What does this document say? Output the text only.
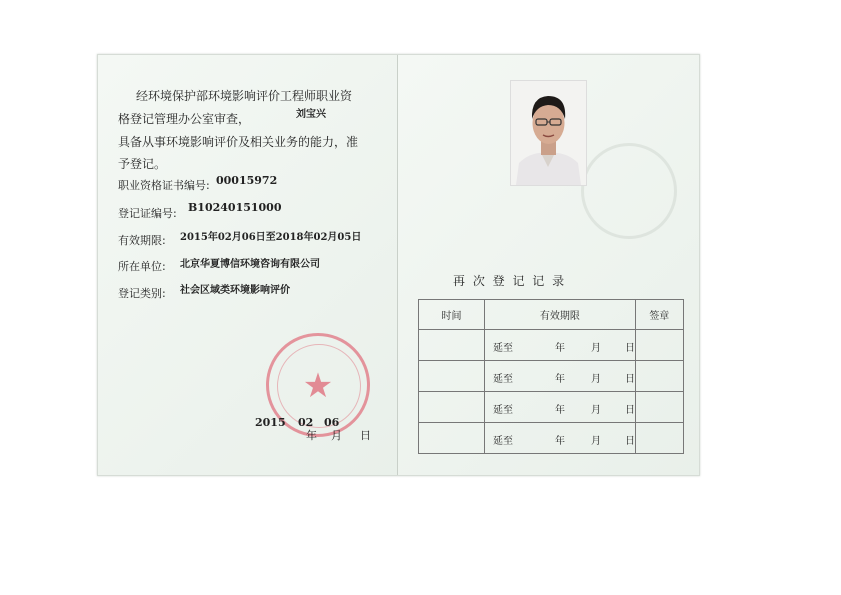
经环境保护部环境影响评价工程师职业资
格登记管理办公室审查，	刘宝兴
具备从事环境影响评价及相关业务的能力，准
予登记。
职业资格证书编号: 00015972
登记证编号: B10240151000
有效期限: 2015年02月06日至2018年02月05日
所在单位: 北京华夏博信环境咨询有限公司
登记类别: 社会区域类环境影响评价
★
2015 02 06
年 月 日
再 次 登 记 记 录
时间	有效期限	签章

	延至 年 月 日	

	延至 年 月 日	

	延至 年 月 日	

	延至 年 月 日	
